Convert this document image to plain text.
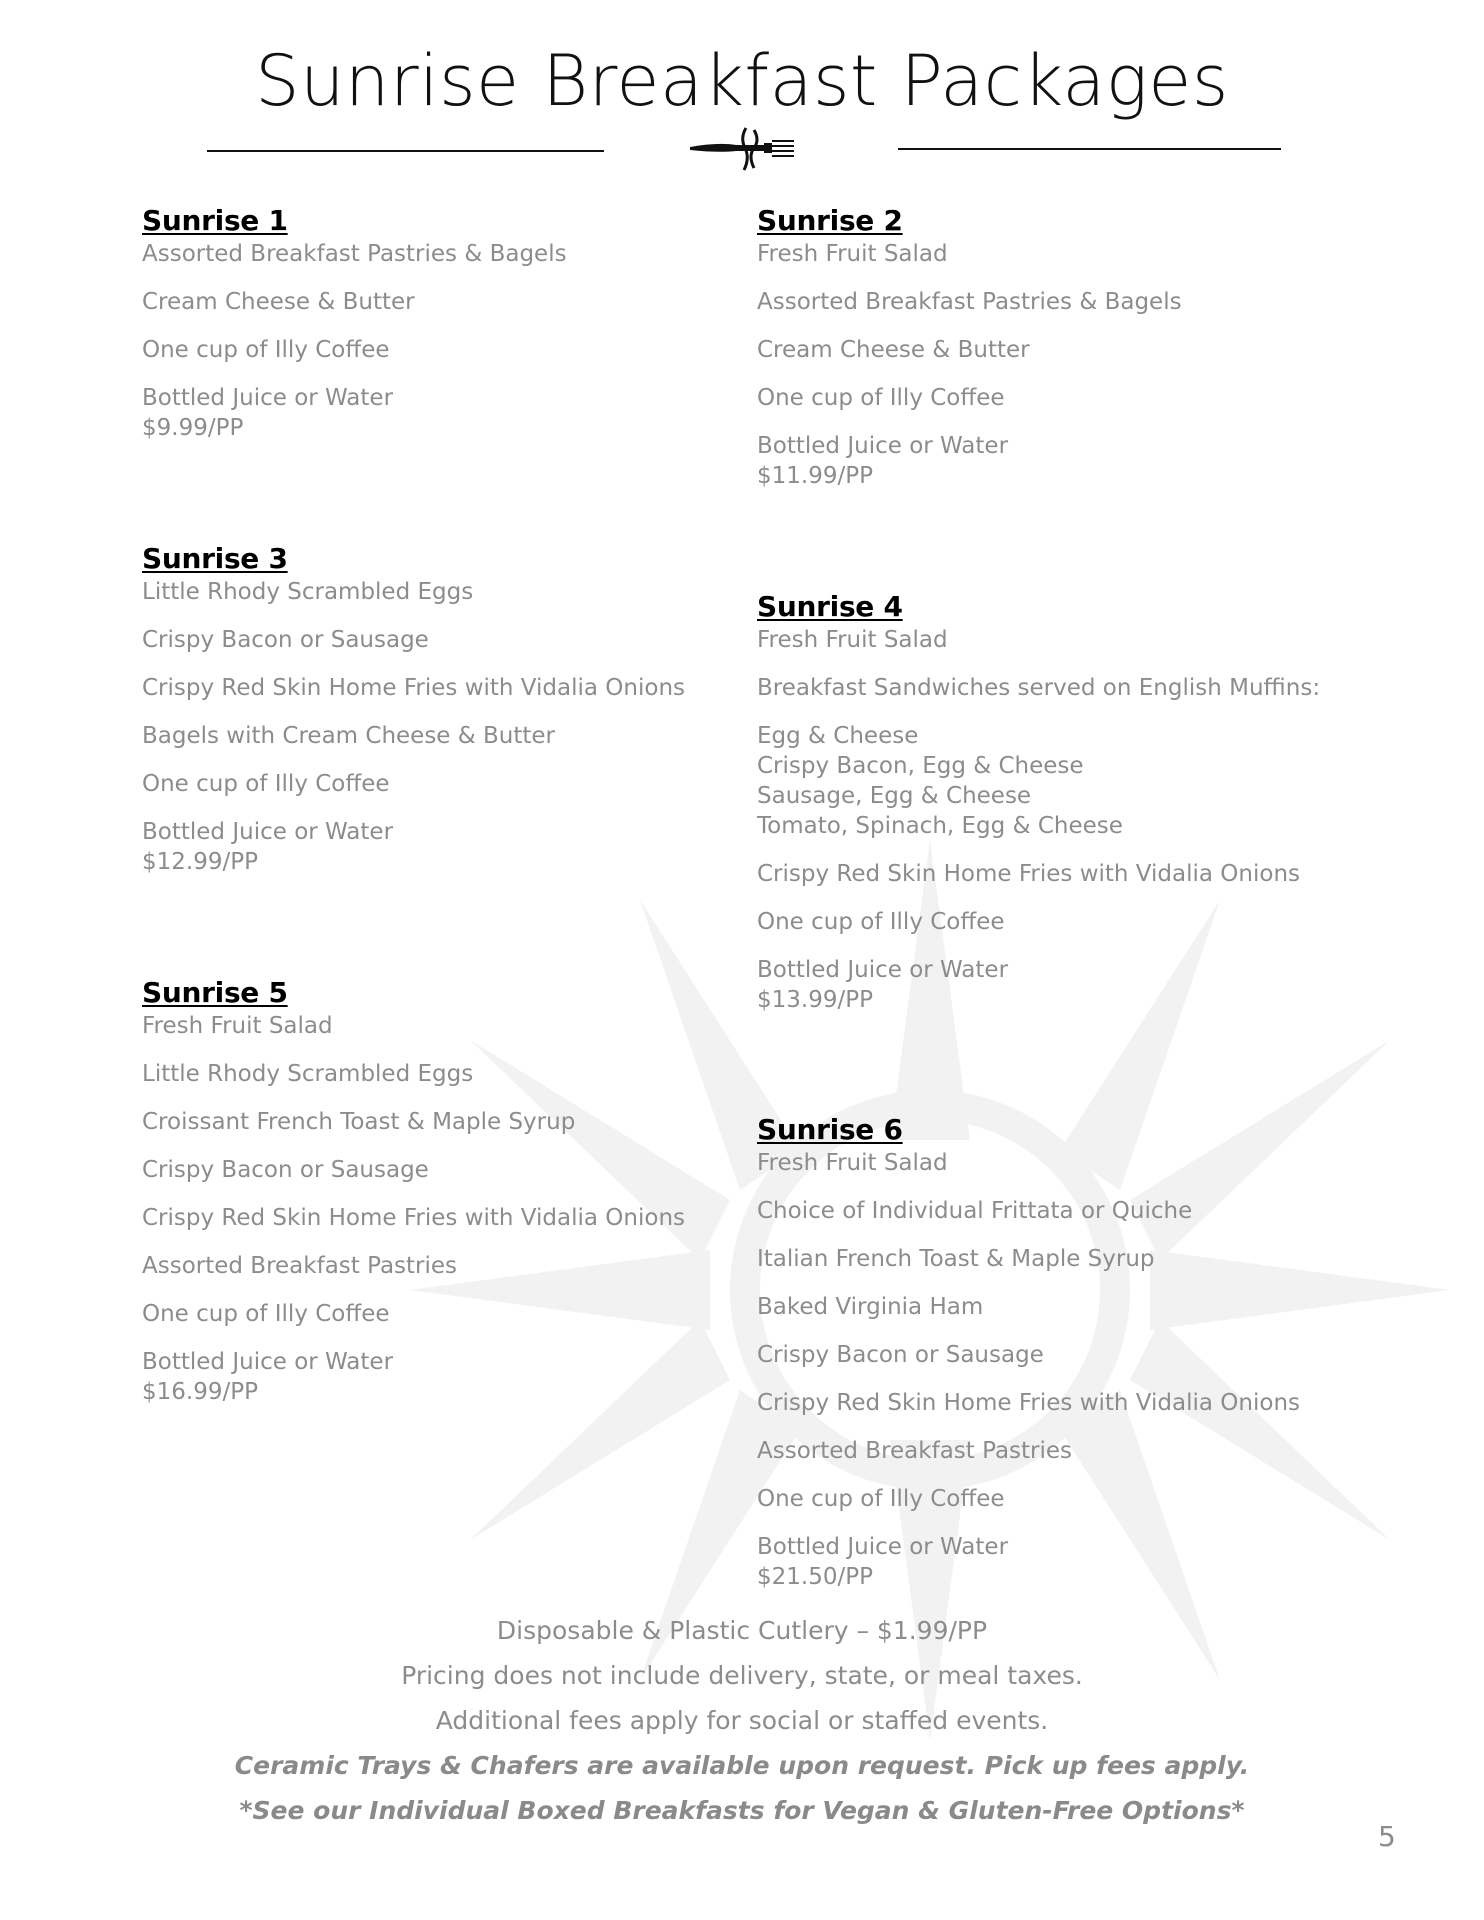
Sunrise Breakfast Packages
Sunrise 1
Assorted Breakfast Pastries & Bagels
Cream Cheese & Butter
One cup of Illy Coffee
Bottled Juice or Water
$9.99/PP
Sunrise 2
Fresh Fruit Salad
Assorted Breakfast Pastries & Bagels
Cream Cheese & Butter
One cup of Illy Coffee
Bottled Juice or Water
$11.99/PP
Sunrise 3
Little Rhody Scrambled Eggs
Crispy Bacon or Sausage
Crispy Red Skin Home Fries with Vidalia Onions
Bagels with Cream Cheese & Butter
One cup of Illy Coffee
Bottled Juice or Water
$12.99/PP
Sunrise 4
Fresh Fruit Salad
Breakfast Sandwiches served on English Muffins:
Egg & Cheese
Crispy Bacon, Egg & Cheese
Sausage, Egg & Cheese
Tomato, Spinach, Egg & Cheese
Crispy Red Skin Home Fries with Vidalia Onions
One cup of Illy Coffee
Bottled Juice or Water
$13.99/PP
Sunrise 5
Fresh Fruit Salad
Little Rhody Scrambled Eggs
Croissant French Toast & Maple Syrup
Crispy Bacon or Sausage
Crispy Red Skin Home Fries with Vidalia Onions
Assorted Breakfast Pastries
One cup of Illy Coffee
Bottled Juice or Water
$16.99/PP
Sunrise 6
Fresh Fruit Salad
Choice of Individual Frittata or Quiche
Italian French Toast & Maple Syrup
Baked Virginia Ham
Crispy Bacon or Sausage
Crispy Red Skin Home Fries with Vidalia Onions
Assorted Breakfast Pastries
One cup of Illy Coffee
Bottled Juice or Water
$21.50/PP
Disposable & Plastic Cutlery – $1.99/PP
Pricing does not include delivery, state, or meal taxes.
Additional fees apply for social or staffed events.
Ceramic Trays & Chafers are available upon request. Pick up fees apply.
*See our Individual Boxed Breakfasts for Vegan & Gluten-Free Options*
5
